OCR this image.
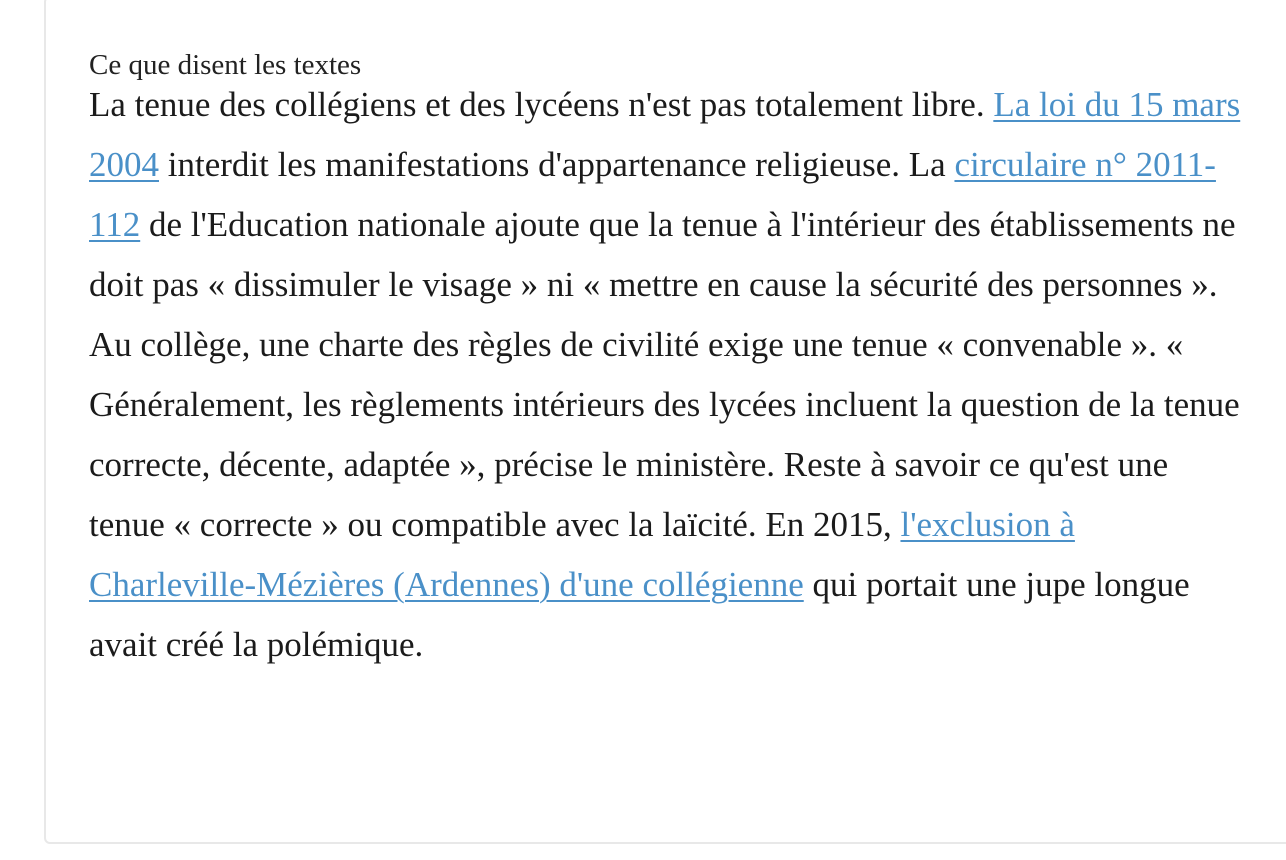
Ce que disent les textes

La tenue des collégiens et des lycéens n'est pas totalement libre. La loi du 15 mars 2004 interdit les manifestations d'appartenance religieuse. La circulaire n° 2011-112 de l'Education nationale ajoute que la tenue à l'intérieur des établissements ne doit pas « dissimuler le visage » ni « mettre en cause la sécurité des personnes ». Au collège, une charte des règles de civilité exige une tenue « convenable ». « Généralement, les règlements intérieurs des lycées incluent la question de la tenue correcte, décente, adaptée », précise le ministère. Reste à savoir ce qu'est une tenue « correcte » ou compatible avec la laïcité. En 2015, l'exclusion à Charleville-Mézières (Ardennes) d'une collégienne qui portait une jupe longue avait créé la polémique.
